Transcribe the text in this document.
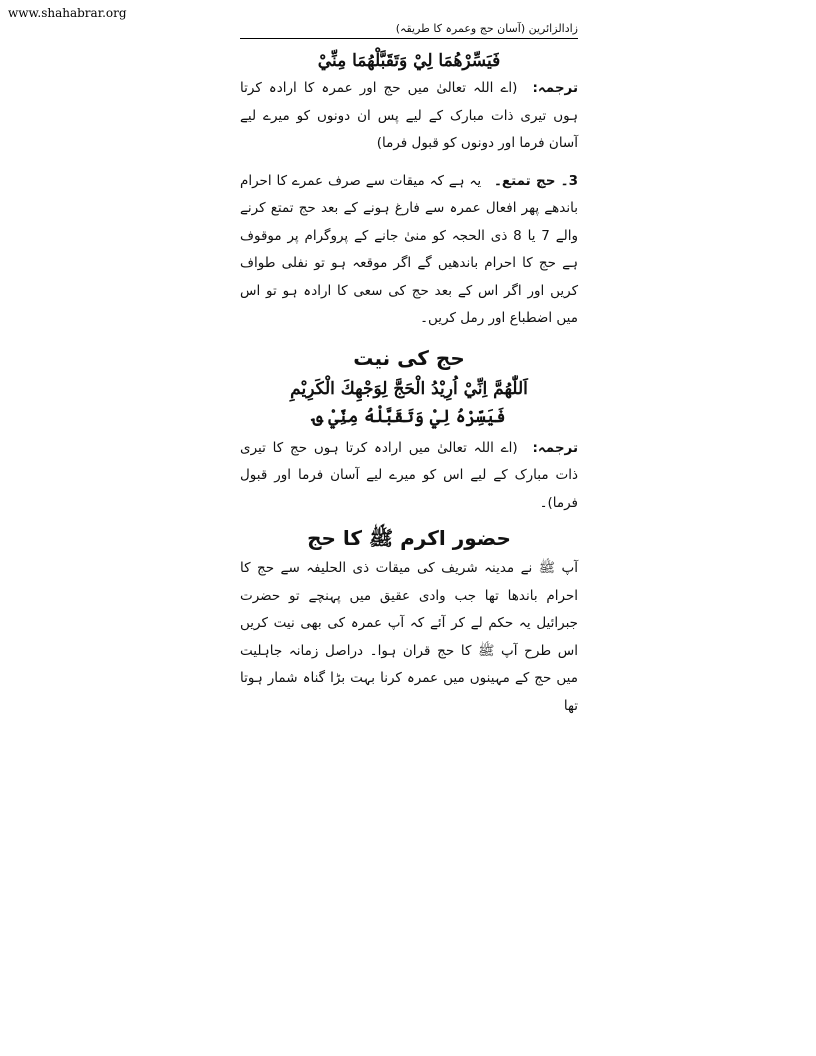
www.shahabrar.org
زادالزائرین (آسان حج وعمرہ کا طریقہ)
فَيَسِّرْهُمَا لِيْ وَتَقَبَّلْهُمَا مِنِّيْ

ترجمہ: (اے اللہ تعالیٰ میں حج اور عمرہ کا ارادہ کرتا ہوں تیری ذات مبارک کے لیے پس ان دونوں کو میرے لیے آسان فرما اور دونوں کو قبول فرما)

3۔ حج تمتع۔ یہ ہے کہ میقات سے صرف عمرے کا احرام باندھے پھر افعال عمرہ سے فارغ ہونے کے بعد حج تمتع کرنے والے 7 یا 8 ذی الحجہ کو منیٰ جانے کے پروگرام پر موقوف ہے حج کا احرام باندھیں گے اگر موقعہ ہو تو نفلی طواف کریں اور اگر اس کے بعد حج کی سعی کا ارادہ ہو تو اس میں اضطباع اور رمل کریں۔

حج کی نیت
اَللّٰهُمَّ اِنِّيْ اُرِيْدُ الْحَجَّ لِوَجْهِكَ الْكَرِيْمِ
فَيَسِّرْهُ لِيْ وَتَقَبَّلْهُ مِنِّيْ ؈

ترجمہ: (اے اللہ تعالیٰ میں ارادہ کرتا ہوں حج کا تیری ذات مبارک کے لیے اس کو میرے لیے آسان فرما اور قبول فرما)۔

حضور اکرم ﷺ کا حج

آپ ﷺ نے مدینہ شریف کی میقات ذی الحلیفہ سے حج کا احرام باندھا تھا جب وادی عقیق میں پہنچے تو حضرت جبرائیل یہ حکم لے کر آئے کہ آپ عمرہ کی بھی نیت کریں اس طرح آپ ﷺ کا حج قران ہوا۔ دراصل زمانہ جاہلیت میں حج کے مہینوں میں عمرہ کرنا بہت بڑا گناہ شمار ہوتا تھا
